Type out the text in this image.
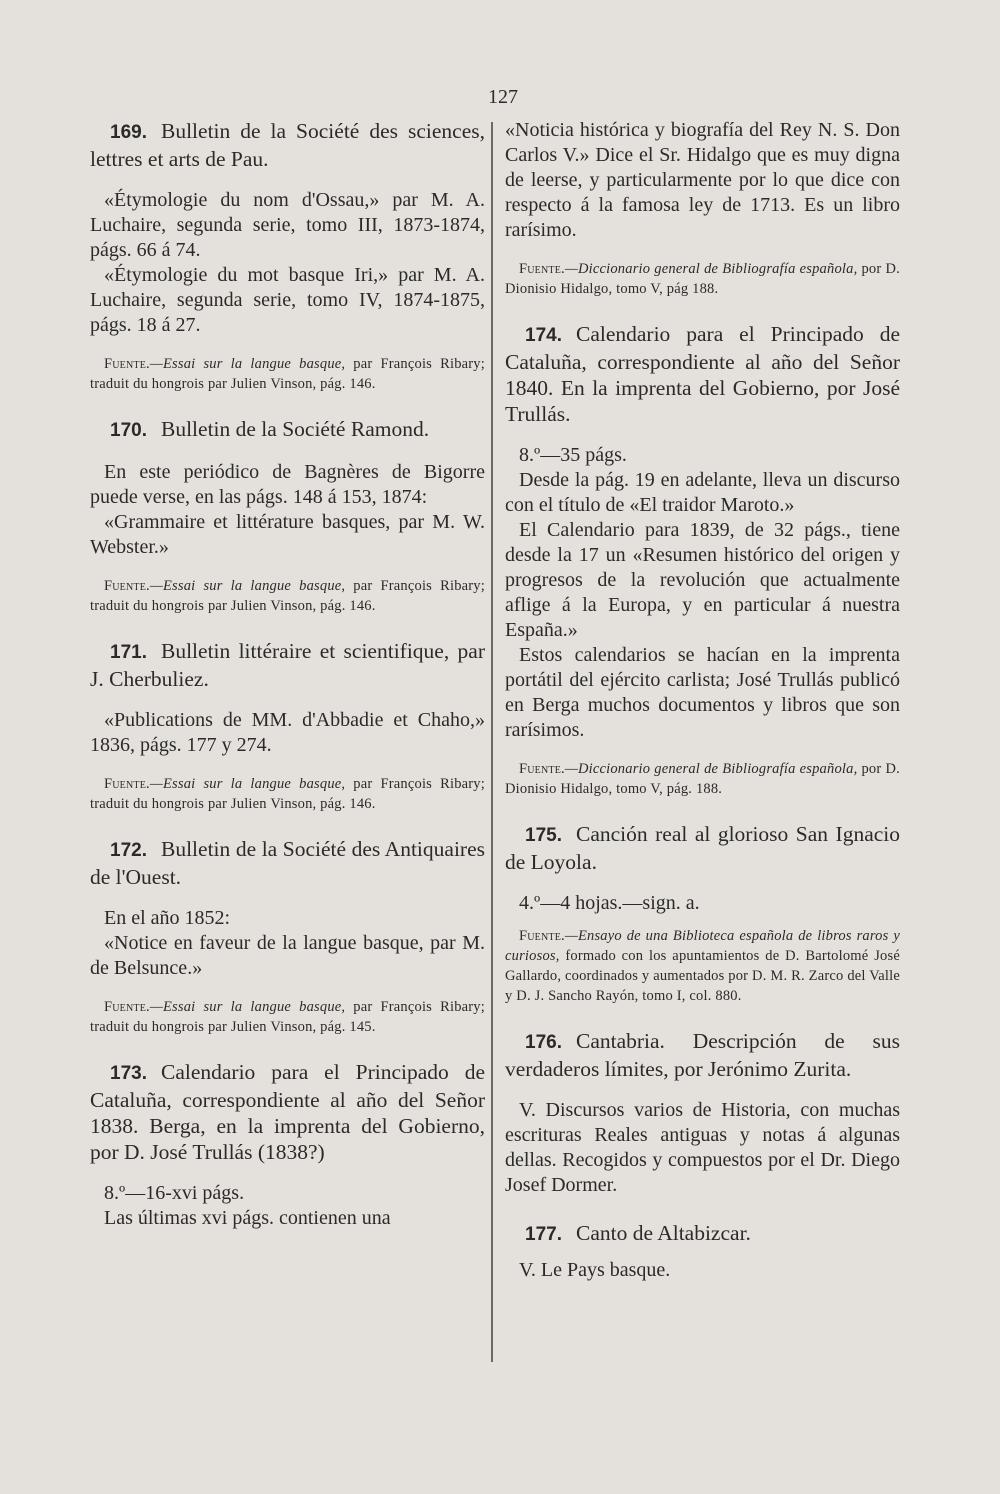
127

169. Bulletin de la Société des sciences, lettres et arts de Pau.

«Étymologie du nom d'Ossau,» par M. A. Luchaire, segunda serie, tomo III, 1873-1874, págs. 66 á 74.

«Étymologie du mot basque Iri,» par M. A. Luchaire, segunda serie, tomo IV, 1874-1875, págs. 18 á 27.

Fuente.—Essai sur la langue basque, par François Ribary; traduit du hongrois par Julien Vinson, pág. 146.

170. Bulletin de la Société Ramond.

En este periódico de Bagnères de Bigorre puede verse, en las págs. 148 á 153, 1874:

«Grammaire et littérature basques, par M. W. Webster.»

Fuente.—Essai sur la langue basque, par François Ribary; traduit du hongrois par Julien Vinson, pág. 146.

171. Bulletin littéraire et scientifique, par J. Cherbuliez.

«Publications de MM. d'Abbadie et Chaho,» 1836, págs. 177 y 274.

Fuente.—Essai sur la langue basque, par François Ribary; traduit du hongrois par Julien Vinson, pág. 146.

172. Bulletin de la Société des Antiquaires de l'Ouest.

En el año 1852:

«Notice en faveur de la langue basque, par M. de Belsunce.»

Fuente.—Essai sur la langue basque, par François Ribary; traduit du hongrois par Julien Vinson, pág. 145.

173. Calendario para el Principado de Cataluña, correspondiente al año del Señor 1838. Berga, en la imprenta del Gobierno, por D. José Trullás (1838?)

8.º—16-xvi págs.

Las últimas xvi págs. contienen una

«Noticia histórica y biografía del Rey N. S. Don Carlos V.» Dice el Sr. Hidalgo que es muy digna de leerse, y particularmente por lo que dice con respecto á la famosa ley de 1713. Es un libro rarísimo.

Fuente.—Diccionario general de Bibliografía española, por D. Dionisio Hidalgo, tomo V, pág 188.

174. Calendario para el Principado de Cataluña, correspondiente al año del Señor 1840. En la imprenta del Gobierno, por José Trullás.

8.º—35 págs.

Desde la pág. 19 en adelante, lleva un discurso con el título de «El traidor Maroto.»

El Calendario para 1839, de 32 págs., tiene desde la 17 un «Resumen histórico del origen y progresos de la revolución que actualmente aflige á la Europa, y en particular á nuestra España.»

Estos calendarios se hacían en la imprenta portátil del ejército carlista; José Trullás publicó en Berga muchos documentos y libros que son rarísimos.

Fuente.—Diccionario general de Bibliografía española, por D. Dionisio Hidalgo, tomo V, pág. 188.

175. Canción real al glorioso San Ignacio de Loyola.

4.º—4 hojas.—sign. a.

Fuente.—Ensayo de una Biblioteca española de libros raros y curiosos, formado con los apuntamientos de D. Bartolomé José Gallardo, coordinados y aumentados por D. M. R. Zarco del Valle y D. J. Sancho Rayón, tomo I, col. 880.

176. Cantabria. Descripción de sus verdaderos límites, por Jerónimo Zurita.

V. Discursos varios de Historia, con muchas escrituras Reales antiguas y notas á algunas dellas. Recogidos y compuestos por el Dr. Diego Josef Dormer.

177. Canto de Altabizcar.

V. Le Pays basque.
